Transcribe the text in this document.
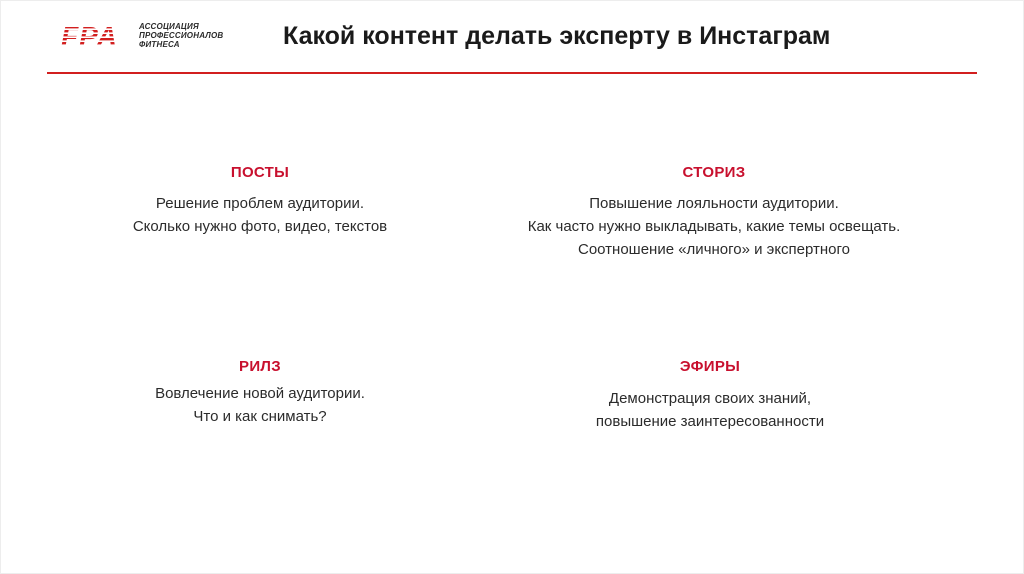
FPA	АССОЦИАЦИЯ
ПРОФЕССИОНАЛОВ
ФИТНЕСА	Какой контент делать эксперту в Инстаграм
ПОСТЫ
Решение проблем аудитории.
Сколько нужно фото, видео, текстов
СТОРИЗ
Повышение лояльности аудитории.
Как часто нужно выкладывать, какие темы освещать.
Соотношение «личного» и экспертного
РИЛЗ
Вовлечение новой аудитории.
Что и как снимать?
ЭФИРЫ
Демонстрация своих знаний,
повышение заинтересованности
